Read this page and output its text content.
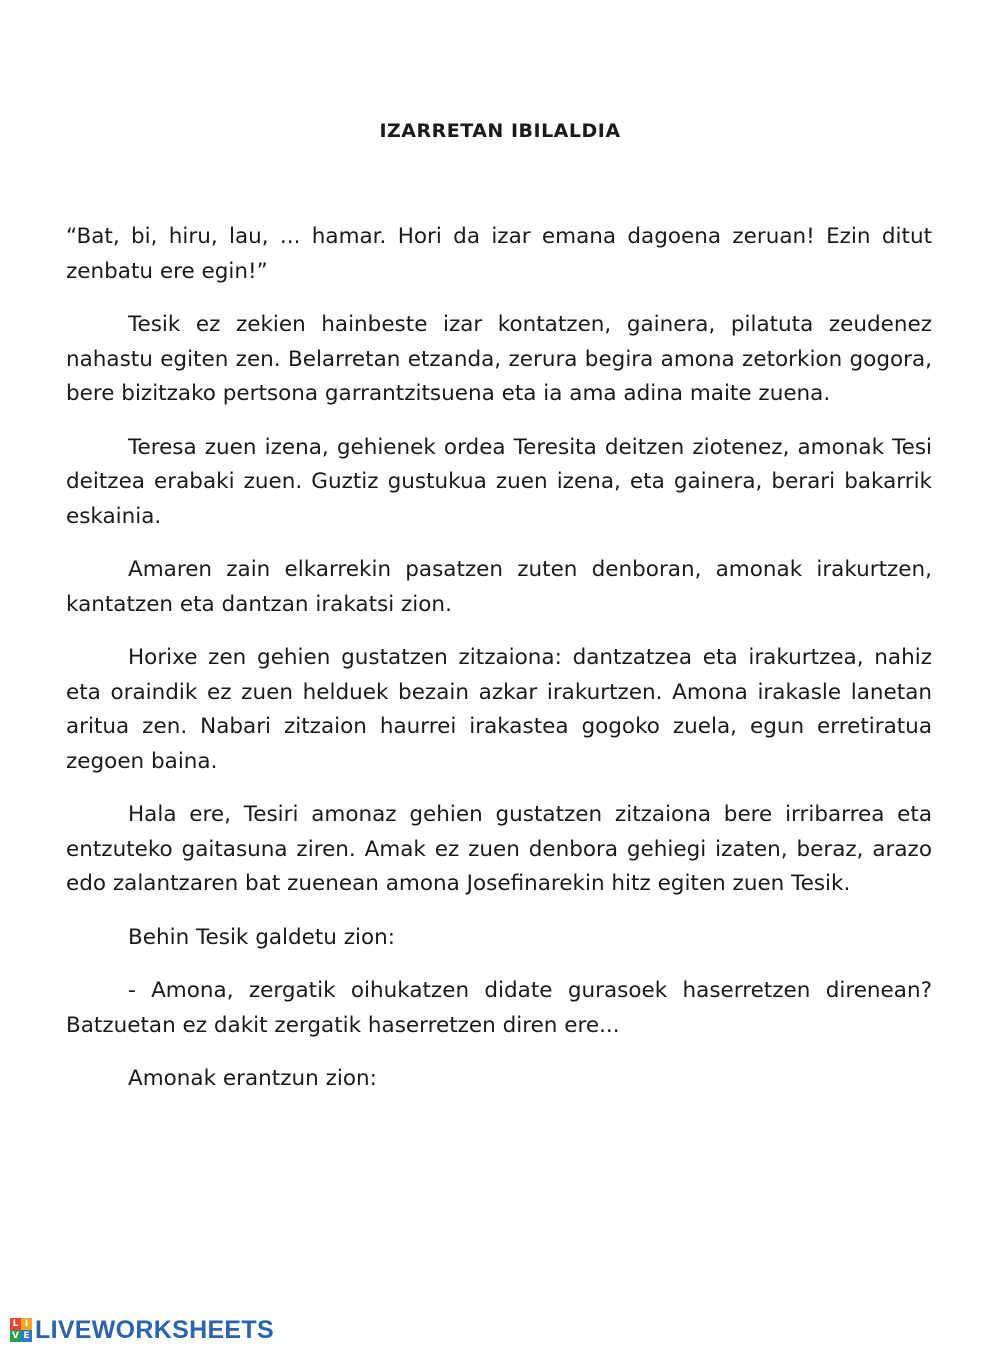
IZARRETAN IBILALDIA

“Bat, bi, hiru, lau, ... hamar. Hori da izar emana dagoena zeruan! Ezin ditut zenbatu ere egin!”

Tesik ez zekien hainbeste izar kontatzen, gainera, pilatuta zeudenez nahastu egiten zen. Belarretan etzanda, zerura begira amona zetorkion gogora, bere bizitzako pertsona garrantzitsuena eta ia ama adina maite zuena.

Teresa zuen izena, gehienek ordea Teresita deitzen ziotenez, amonak Tesi deitzea erabaki zuen. Guztiz gustukua zuen izena, eta gainera, berari bakarrik eskainia.

Amaren zain elkarrekin pasatzen zuten denboran, amonak irakurtzen, kantatzen eta dantzan irakatsi zion.

Horixe zen gehien gustatzen zitzaiona: dantzatzea eta irakurtzea, nahiz eta oraindik ez zuen helduek bezain azkar irakurtzen. Amona irakasle lanetan aritua zen. Nabari zitzaion haurrei irakastea gogoko zuela, egun erretiratua zegoen baina.

Hala ere, Tesiri amonaz gehien gustatzen zitzaiona bere irribarrea eta entzuteko gaitasuna ziren. Amak ez zuen denbora gehiegi izaten, beraz, arazo edo zalantzaren bat zuenean amona Josefinarekin hitz egiten zuen Tesik.

Behin Tesik galdetu zion:

- Amona, zergatik oihukatzen didate gurasoek haserretzen direnean? Batzuetan ez dakit zergatik haserretzen diren ere...

Amonak erantzun zion:

L I
V E LIVEWORKSHEETS
